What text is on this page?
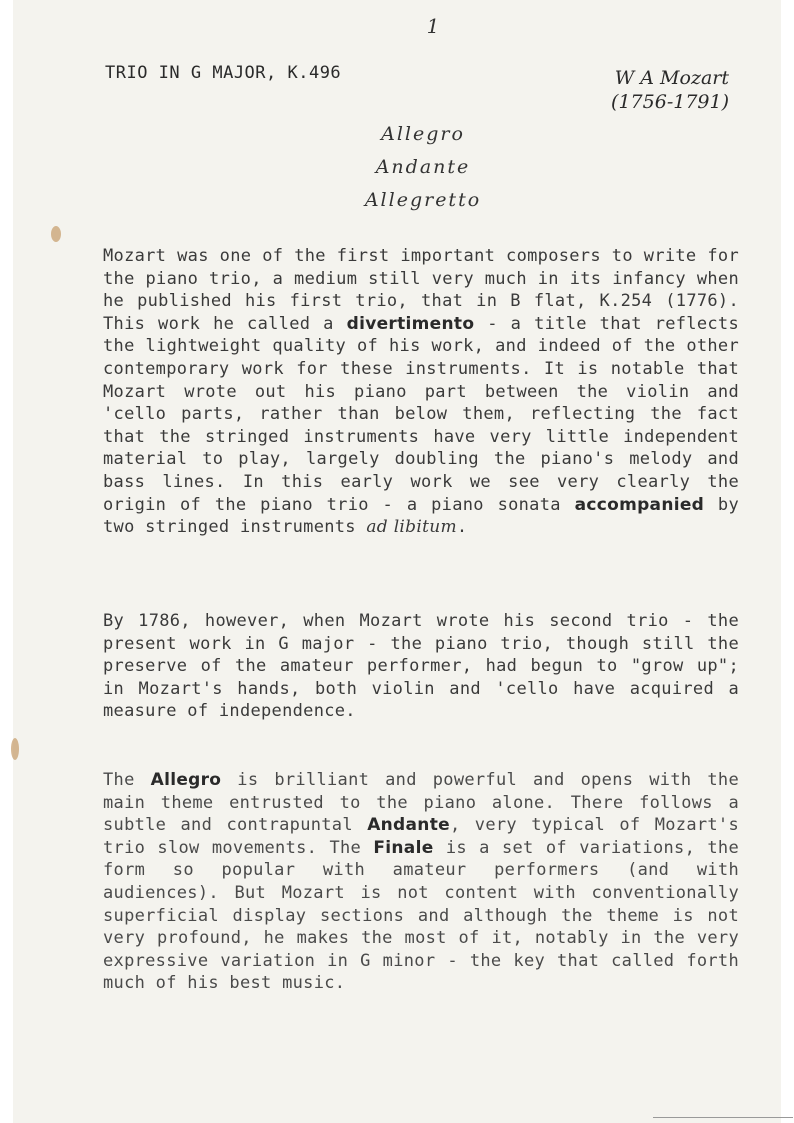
1
TRIO IN G MAJOR, K.496	W A Mozart
(1756-1791)
Allegro
Andante
Allegretto

Mozart was one of the first important composers to write for the piano trio, a medium still very much in its infancy when he published his first trio, that in B flat, K.254 (1776). This work he called a divertimento - a title that reflects the lightweight quality of his work, and indeed of the other contemporary work for these instruments. It is notable that Mozart wrote out his piano part between the violin and 'cello parts, rather than below them, reflecting the fact that the stringed instruments have very little independent material to play, largely doubling the piano's melody and bass lines. In this early work we see very clearly the origin of the piano trio - a piano sonata accompanied by two stringed instruments ad libitum.

By 1786, however, when Mozart wrote his second trio - the present work in G major - the piano trio, though still the preserve of the amateur performer, had begun to "grow up"; in Mozart's hands, both violin and 'cello have acquired a measure of independence.

The Allegro is brilliant and powerful and opens with the main theme entrusted to the piano alone. There follows a subtle and contrapuntal Andante, very typical of Mozart's trio slow movements. The Finale is a set of variations, the form so popular with amateur performers (and with audiences). But Mozart is not content with conventionally superficial display sections and although the theme is not very profound, he makes the most of it, notably in the very expressive variation in G minor - the key that called forth much of his best music.
